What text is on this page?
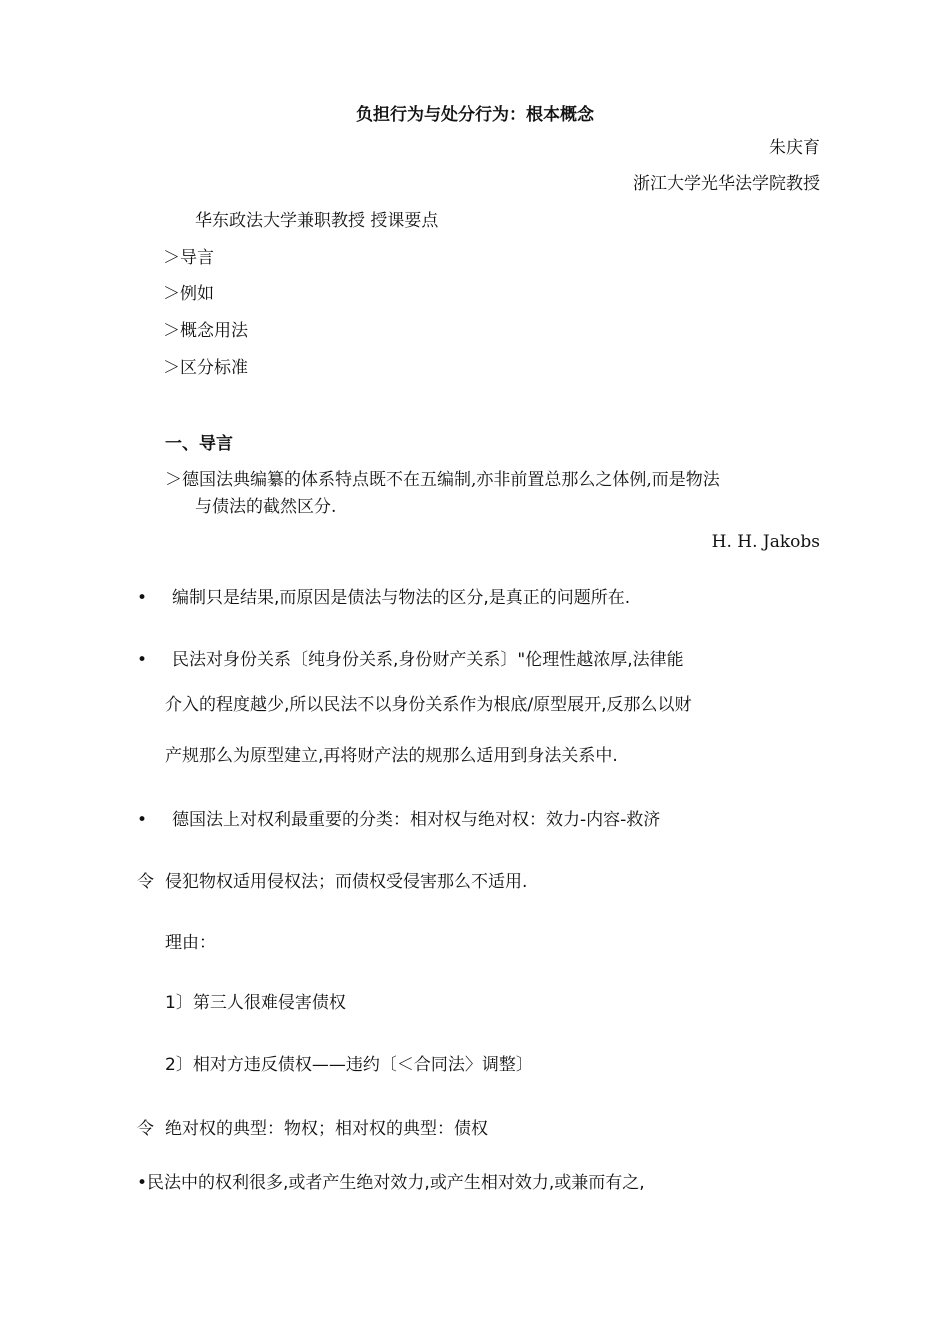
负担行为与处分行为：根本概念
朱庆育
浙江大学光华法学院教授
华东政法大学兼职教授 授课要点
＞导言
＞例如
＞概念用法
＞区分标准
一、导言
＞德国法典编纂的体系特点既不在五编制,亦非前置总那么之体例,而是物法
与债法的截然区分.
H. H. Jakobs
• 编制只是结果,而原因是债法与物法的区分,是真正的问题所在.
• 民法对身份关系〔纯身份关系,身份财产关系〕"伦理性越浓厚,法律能
介入的程度越少,所以民法不以身份关系作为根底/原型展开,反那么以财
产规那么为原型建立,再将财产法的规那么适用到身法关系中.
• 德国法上对权利最重要的分类：相对权与绝对权：效力-内容-救济
令 侵犯物权适用侵权法；而债权受侵害那么不适用.
理由：
1〕第三人很难侵害债权
2〕相对方违反债权——违约〔＜合同法〉调整〕
令 绝对权的典型：物权；相对权的典型：债权
•民法中的权利很多,或者产生绝对效力,或产生相对效力,或兼而有之,
